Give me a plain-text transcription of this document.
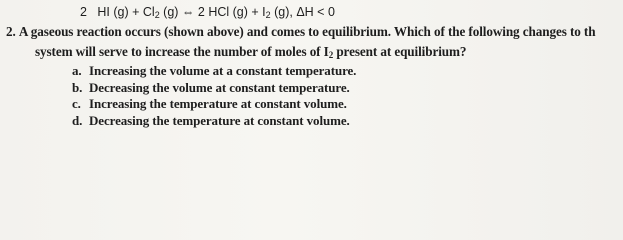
2 HI $(g) + Cl_2$ (g) ⇔ 2 HCl $(g) + I_2$ (g), ΔH < 0
2. A gaseous reaction occurs (shown above) and comes to equilibrium. Which of the following changes to th
system will serve to increase the number of moles of $I_2$ present at equilibrium?
a. Increasing the volume at a constant temperature.
b. Decreasing the volume at constant temperature.
c. Increasing the temperature at constant volume.
d. Decreasing the temperature at constant volume.
